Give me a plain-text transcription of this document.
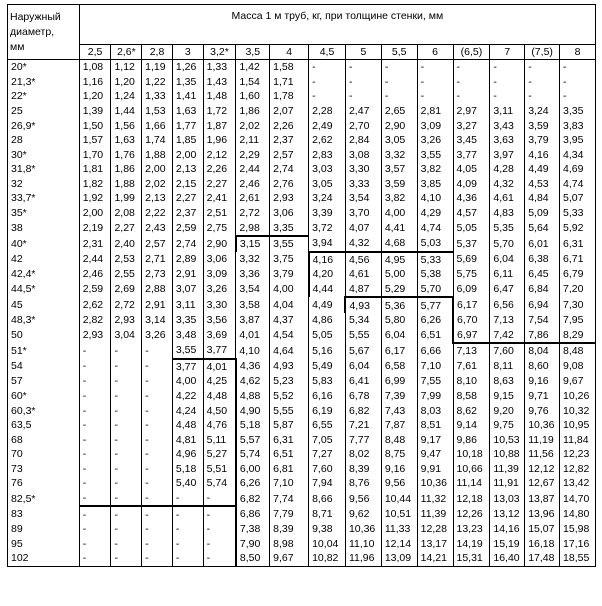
Наружный
диаметр,
мм	Масса 1 м труб, кг, при толщине стенки, мм														
	2,5	2,6*	2,8	3	3,2*	3,5	4	4,5	5	5,5	6	(6,5)	7	(7,5)	8
20*	1,08	1,12	1,19	1,26	1,33	1,42	1,58	-	-	-	-	-	-	-	-
21,3*	1,16	1,20	1,22	1,35	1,43	1,54	1,71	-	-	-	-	-	-	-	-
22*	1,20	1,24	1,33	1,41	1,48	1,60	1,78	-	-	-	-	-	-	-	-
25	1,39	1,44	1,53	1,63	1,72	1,86	2,07	2,28	2,47	2,65	2,81	2,97	3,11	3,24	3,35
26,9*	1,50	1,56	1,66	1,77	1,87	2,02	2,26	2,49	2,70	2,90	3,09	3,27	3,43	3,59	3,83
28	1,57	1,63	1,74	1,85	1,96	2,11	2,37	2,62	2,84	3,05	3,26	3,45	3,63	3,79	3,95
30*	1,70	1,76	1,88	2,00	2,12	2,29	2,57	2,83	3,08	3,32	3,55	3,77	3,97	4,16	4,34
31,8*	1,81	1,86	2,00	2,13	2,26	2,44	2,74	3,03	3,30	3,57	3,82	4,05	4,28	4,49	4,69
32	1,82	1,88	2,02	2,15	2,27	2,46	2,76	3,05	3,33	3,59	3,85	4,09	4,32	4,53	4,74
33,7*	1,92	1,99	2,13	2,27	2,41	2,61	2,93	3,24	3,54	3,82	4,10	4,36	4,61	4,84	5,07
35*	2,00	2,08	2,22	2,37	2,51	2,72	3,06	3,39	3,70	4,00	4,29	4,57	4,83	5,09	5,33
38	2,19	2,27	2,43	2,59	2,75	2,98	3,35	3,72	4,07	4,41	4,74	5,05	5,35	5,64	5,92
40*	2,31	2,40	2,57	2,74	2,90	3,15	3,55	3,94	4,32	4,68	5,03	5,37	5,70	6,01	6,31
42	2,44	2,53	2,71	2,89	3,06	3,32	3,75	4,16	4,56	4,95	5,33	5,69	6,04	6,38	6,71
42,4*	2,46	2,55	2,73	2,91	3,09	3,36	3,79	4,20	4,61	5,00	5,38	5,75	6,11	6,45	6,79
44,5*	2,59	2,69	2,88	3,07	3,26	3,54	4,00	4,44	4,87	5,29	5,70	6,09	6,47	6,84	7,20
45	2,62	2,72	2,91	3,11	3,30	3,58	4,04	4,49	4,93	5,36	5,77	6,17	6,56	6,94	7,30
48,3*	2,82	2,93	3,14	3,35	3,56	3,87	4,37	4,86	5,34	5,80	6,26	6,70	7,13	7,54	7,95
50	2,93	3,04	3,26	3,48	3,69	4,01	4,54	5,05	5,55	6,04	6,51	6,97	7,42	7,86	8,29
51*	-	-	-	3,55	3,77	4,10	4,64	5,16	5,67	6,17	6,66	7,13	7,60	8,04	8,48
54	-	-	-	3,77	4,01	4,36	4,93	5,49	6,04	6,58	7,10	7,61	8,11	8,60	9,08
57	-	-	-	4,00	4,25	4,62	5,23	5,83	6,41	6,99	7,55	8,10	8,63	9,16	9,67
60*	-	-	-	4,22	4,48	4,88	5,52	6,16	6,78	7,39	7,99	8,58	9,15	9,71	10,26
60,3*	-	-	-	4,24	4,50	4,90	5,55	6,19	6,82	7,43	8,03	8,62	9,20	9,76	10,32
63,5	-	-	-	4,48	4,76	5,18	5,87	6,55	7,21	7,87	8,51	9,14	9,75	10,36	10,95
68	-	-	-	4,81	5,11	5,57	6,31	7,05	7,77	8,48	9,17	9,86	10,53	11,19	11,84
70	-	-	-	4,96	5,27	5,74	6,51	7,27	8,02	8,75	9,47	10,18	10,88	11,56	12,23
73	-	-	-	5,18	5,51	6,00	6,81	7,60	8,39	9,16	9,91	10,66	11,39	12,12	12,82
76	-	-	-	5,40	5,74	6,26	7,10	7,94	8,76	9,56	10,36	11,14	11,91	12,67	13,42
82,5*	-	-	-	-	-	6,82	7,74	8,66	9,56	10,44	11,32	12,18	13,03	13,87	14,70
83	-	-	-	-	-	6,86	7,79	8,71	9,62	10,51	11,39	12,26	13,12	13,96	14,80
89	-	-	-	-	-	7,38	8,39	9,38	10,36	11,33	12,28	13,23	14,16	15,07	15,98
95	-	-	-	-	-	7,90	8,98	10,04	11,10	12,14	13,17	14,19	15,19	16,18	17,16
102	-	-	-	-	-	8,50	9,67	10,82	11,96	13,09	14,21	15,31	16,40	17,48	18,55
